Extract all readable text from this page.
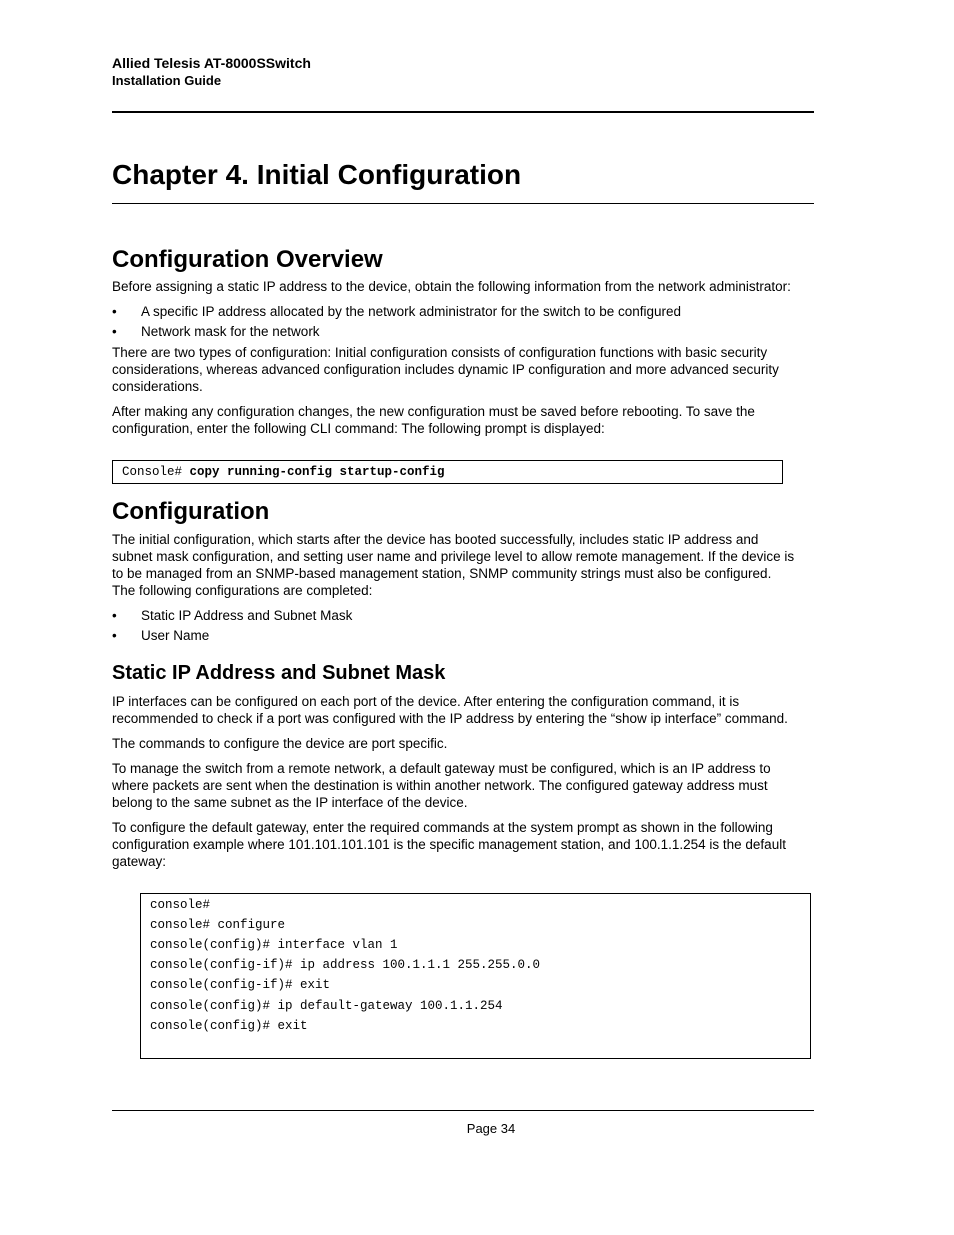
Allied Telesis AT-8000SSwitch
Installation Guide
Chapter 4. Initial Configuration
Configuration Overview

Before assigning a static IP address to the device, obtain the following information from the network administrator:

• A specific IP address allocated by the network administrator for the switch to be configured
• Network mask for the network

There are two types of configuration: Initial configuration consists of configuration functions with basic security

considerations, whereas advanced configuration includes dynamic IP configuration and more advanced security

considerations.

After making any configuration changes, the new configuration must be saved before rebooting. To save the

configuration, enter the following CLI command: The following prompt is displayed:

Console# copy running-config startup-config
Configuration

The initial configuration, which starts after the device has booted successfully, includes static IP address and

subnet mask configuration, and setting user name and privilege level to allow remote management. If the device is

to be managed from an SNMP-based management station, SNMP community strings must also be configured.

The following configurations are completed:

• Static IP Address and Subnet Mask
• User Name
Static IP Address and Subnet Mask

IP interfaces can be configured on each port of the device. After entering the configuration command, it is

recommended to check if a port was configured with the IP address by entering the “show ip interface” command.

The commands to configure the device are port specific.

To manage the switch from a remote network, a default gateway must be configured, which is an IP address to

where packets are sent when the destination is within another network. The configured gateway address must

belong to the same subnet as the IP interface of the device.

To configure the default gateway, enter the required commands at the system prompt as shown in the following

configuration example where 101.101.101.101 is the specific management station, and 100.1.1.254 is the default

gateway:

console#
console# configure
console(config)# interface vlan 1
console(config-if)# ip address 100.1.1.1 255.255.0.0
console(config-if)# exit
console(config)# ip default-gateway 100.1.1.254
console(config)# exit
Page 34
